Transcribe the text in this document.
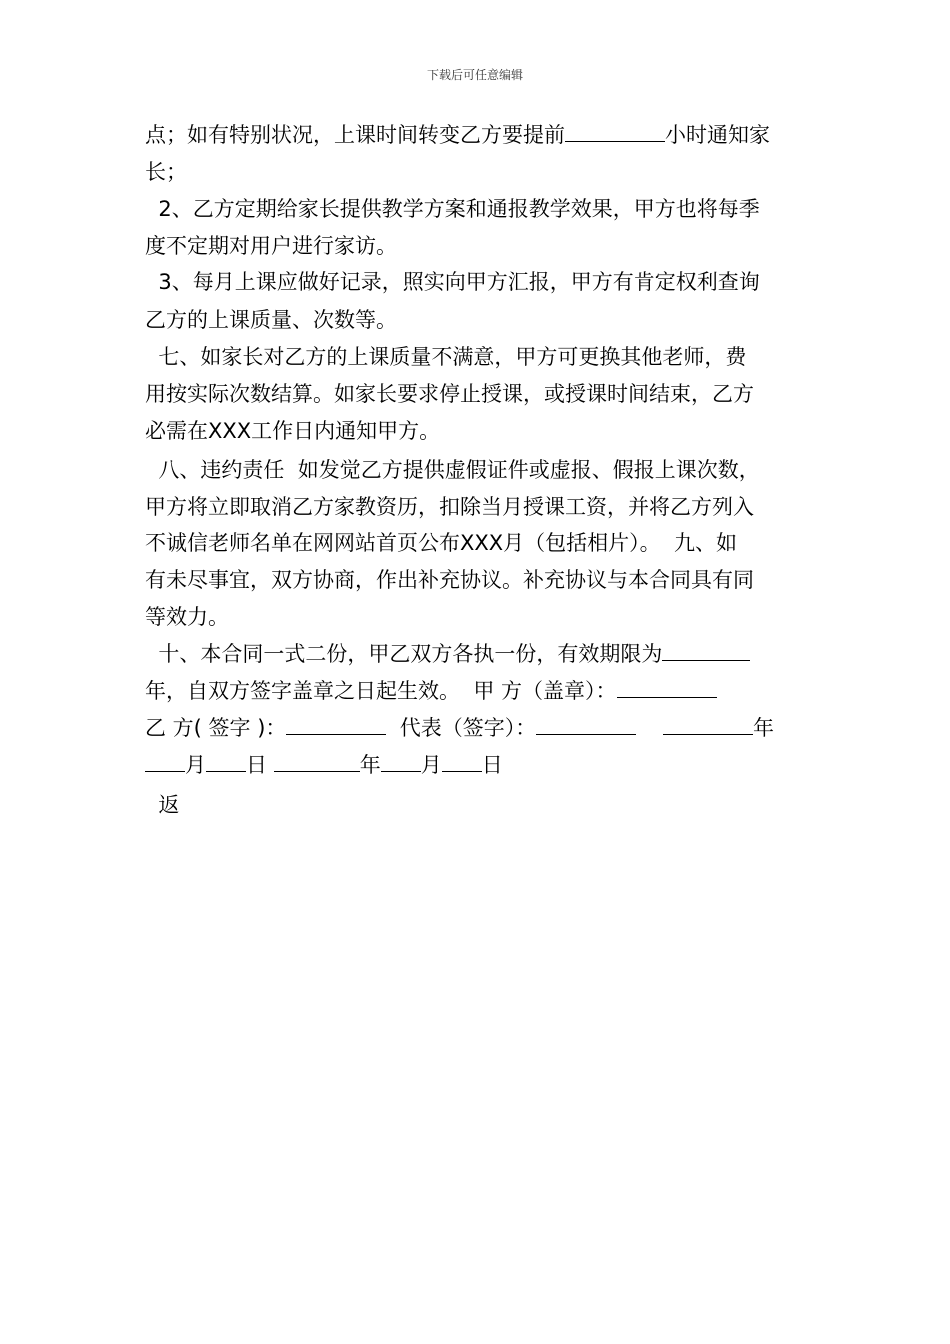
下载后可任意编辑
点；如有特别状况，上课时间转变乙方要提前	小时通知家
长；
2、乙方定期给家长提供教学方案和通报教学效果，甲方也将每季
度不定期对用户进行家访。
3、每月上课应做好记录，照实向甲方汇报，甲方有肯定权利查询
乙方的上课质量、次数等。
七、如家长对乙方的上课质量不满意，甲方可更换其他老师，费
用按实际次数结算。如家长要求停止授课，或授课时间结束，乙方
必需在XXX工作日内通知甲方。
八、违约责任  如发觉乙方提供虚假证件或虚报、假报上课次数，
甲方将立即取消乙方家教资历，扣除当月授课工资，并将乙方列入
不诚信老师名单在网网站首页公布XXX月（包括相片）。  九、如
有未尽事宜，双方协商，作出补充协议。补充协议与本合同具有同
等效力。
十、本合同一式二份，甲乙双方各执一份，有效期限为
年，自双方签字盖章之日起生效。  甲 方（盖章）：
乙 方( 签字 )：	代表（签字）：	年
月 日	年 月 日
返
